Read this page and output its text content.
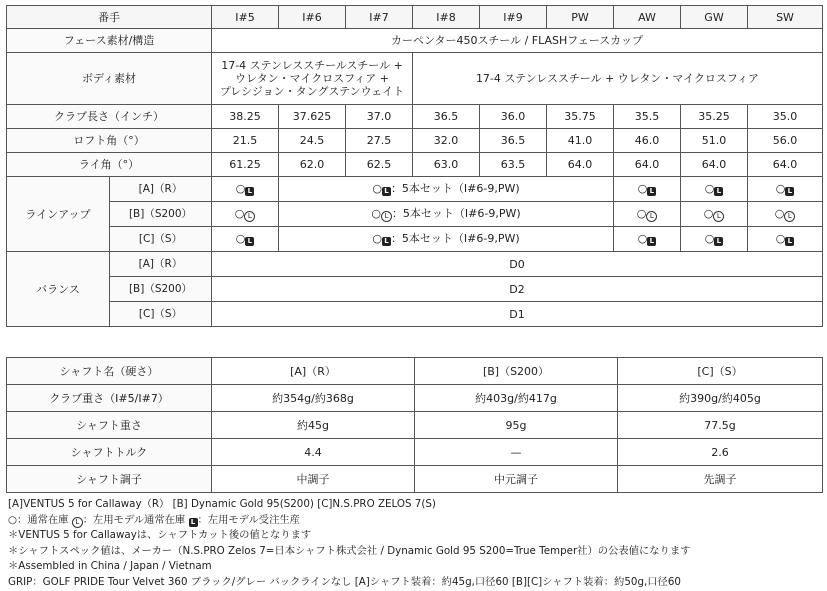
番手		I#5	I#6	I#7	I#8	I#9	PW	AW	GW	SW
フェース素材/構造		カーペンター450スチール / FLASHフェースカップ								
ボディ素材		17-4 ステンレススチールスチール +
ウレタン・マイクロスフィア +
プレシジョン・タングステンウェイト			17-4 ステンレススチール + ウレタン・マイクロスフィア					
クラブ長さ（インチ）		38.25	37.625	37.0	36.5	36.0	35.75	35.5	35.25	35.0
ロフト角（°）		21.5	24.5	27.5	32.0	36.5	41.0	46.0	51.0	56.0
ライ角（°）		61.25	62.0	62.5	63.0	63.5	64.0	64.0	64.0	64.0
ラインアップ	[A]（R）	○ L	○ L ：5本セット（I#6-9,PW)					○ L	○ L	○ L
	[B]（S200）	○ L	○ L ：5本セット（I#6-9,PW)					○ L	○ L	○ L
	[C]（S）	○ L	○ L ：5本セット（I#6-9,PW)					○ L	○ L	○ L
バランス	[A]（R）	D0								
	[B]（S200）	D2								
	[C]（S）	D1								
シャフト名（硬さ）	[A]（R）	[B]（S200）	[C]（S）
クラブ重さ（I#5/I#7）	約354g/約368g	約403g/約417g	約390g/約405g
シャフト重さ	約45g	95g	77.5g
シャフトトルク	4.4	—	2.6
シャフト調子	中調子	中元調子	先調子
[A]VENTUS 5 for Callaway（R） [B] Dynamic Gold 95(S200) [C]N.S.PRO ZELOS 7(S)
○：通常在庫 L ：左用モデル通常在庫 L ：左用モデル受注生産
＊VENTUS 5 for Callawayは、シャフトカット後の値となります
＊シャフトスペック値は、メーカー（N.S.PRO Zelos 7=日本シャフト株式会社 / Dynamic Gold 95 S200=True Temper社）の公表値になります
＊Assembled in China / Japan / Vietnam
GRIP：GOLF PRIDE Tour Velvet 360 ブラック/グレー バックラインなし [A]シャフト装着：約45g,口径60 [B][C]シャフト装着：約50g,口径60
